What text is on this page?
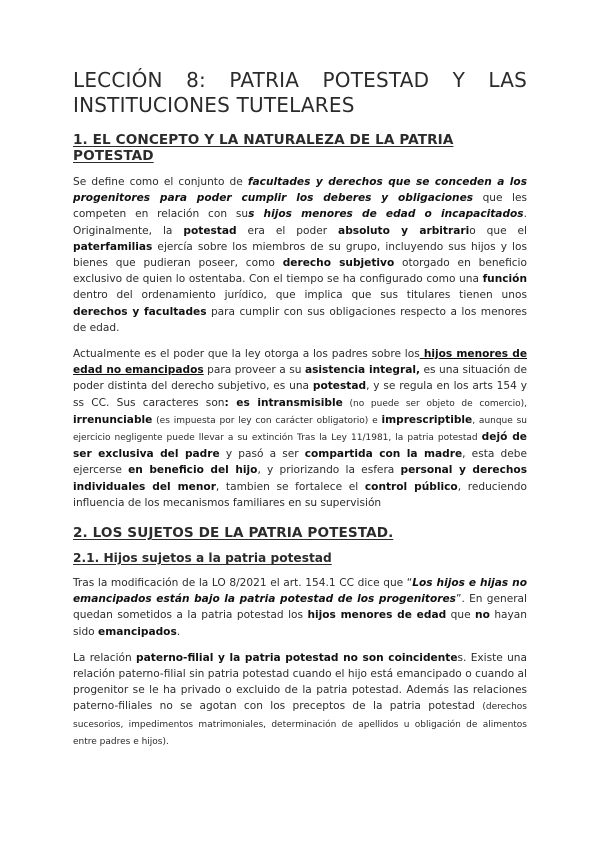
LECCIÓN 8: PATRIA POTESTAD Y LAS
INSTITUCIONES TUTELARES
1. EL CONCEPTO Y LA NATURALEZA DE LA PATRIA POTESTAD

Se define como el conjunto de facultades y derechos que se conceden a los progenitores para poder cumplir los deberes y obligaciones que les competen en relación con sus hijos menores de edad o incapacitados. Originalmente, la potestad era el poder absoluto y arbitrario que el paterfamilias ejercía sobre los miembros de su grupo, incluyendo sus hijos y los bienes que pudieran poseer, como derecho subjetivo otorgado en beneficio exclusivo de quien lo ostentaba. Con el tiempo se ha configurado como una función dentro del ordenamiento jurídico, que implica que sus titulares tienen unos derechos y facultades para cumplir con sus obligaciones respecto a los menores de edad.

Actualmente es el poder que la ley otorga a los padres sobre los hijos menores de edad no emancipados para proveer a su asistencia integral, es una situación de poder distinta del derecho subjetivo, es una potestad, y se regula en los arts 154 y ss CC. Sus caracteres son: es intransmisible (no puede ser objeto de comercio), irrenunciable (es impuesta por ley con carácter obligatorio) e imprescriptible, aunque su ejercicio negligente puede llevar a su extinción Tras la Ley 11/1981, la patria potestad dejó de ser exclusiva del padre y pasó a ser compartida con la madre, esta debe ejercerse en beneficio del hijo, y priorizando la esfera personal y derechos individuales del menor, tambien se fortalece el control público, reduciendo influencia de los mecanismos familiares en su supervisión

2. LOS SUJETOS DE LA PATRIA POTESTAD.
2.1. Hijos sujetos a la patria potestad

Tras la modificación de la LO 8/2021 el art. 154.1 CC dice que “Los hijos e hijas no emancipados están bajo la patria potestad de los progenitores”. En general quedan sometidos a la patria potestad los hijos menores de edad que no hayan sido emancipados.

La relación paterno-filial y la patria potestad no son coincidentes. Existe una relación paterno-filial sin patria potestad cuando el hijo está emancipado o cuando al progenitor se le ha privado o excluido de la patria potestad. Además las relaciones paterno-filiales no se agotan con los preceptos de la patria potestad (derechos sucesorios, impedimentos matrimoniales, determinación de apellidos u obligación de alimentos entre padres e hijos).
